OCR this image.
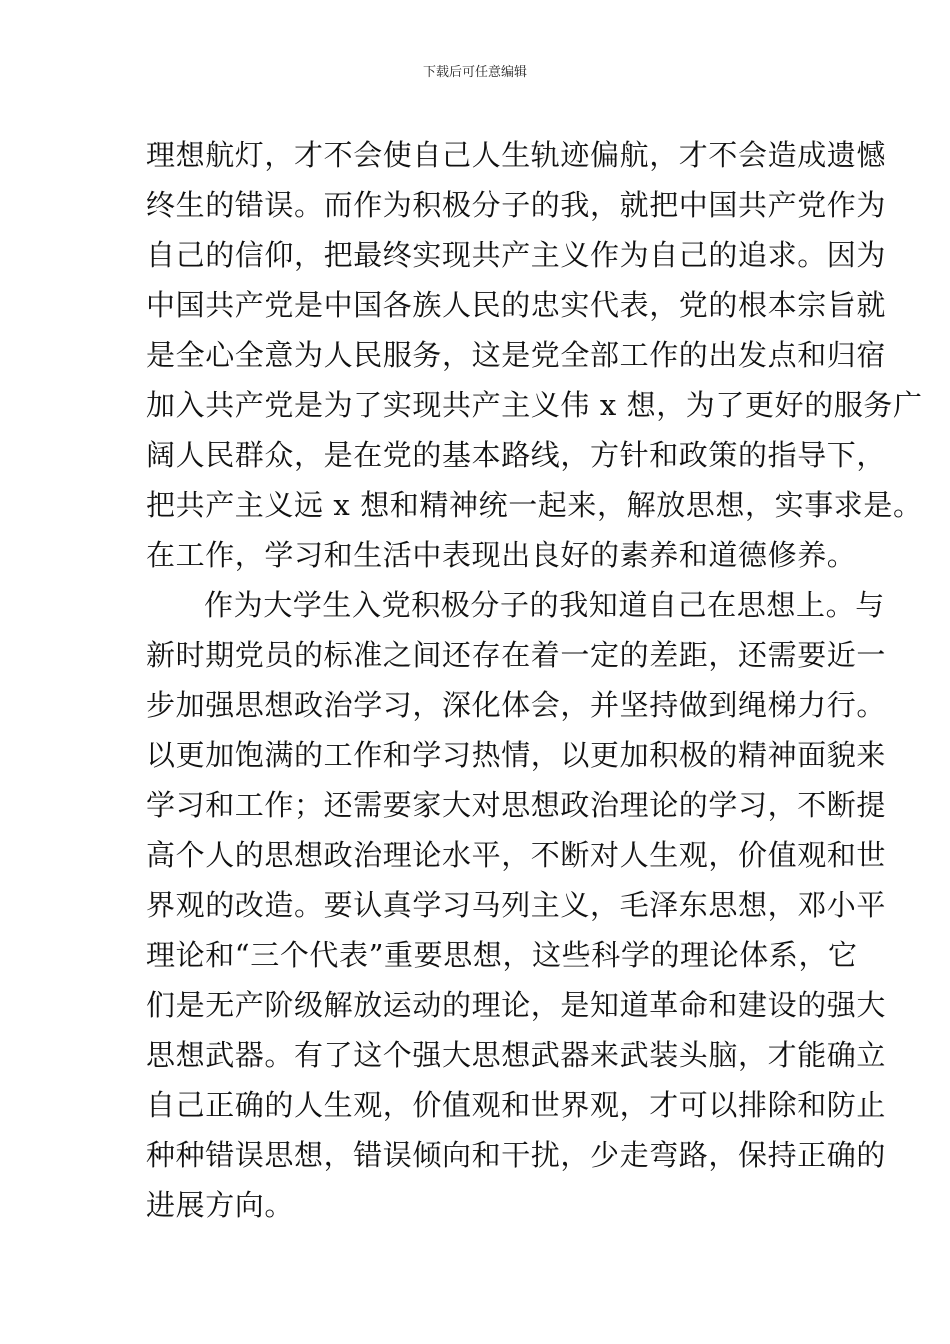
下载后可任意编辑
理想航灯，才不会使自己人生轨迹偏航，才不会造成遗憾
终生的错误。而作为积极分子的我，就把中国共产党作为
自己的信仰，把最终实现共产主义作为自己的追求。因为
中国共产党是中国各族人民的忠实代表，党的根本宗旨就
是全心全意为人民服务，这是党全部工作的出发点和归宿
加入共产党是为了实现共产主义伟 x 想，为了更好的服务广
阔人民群众，是在党的基本路线，方针和政策的指导下，
把共产主义远 x 想和精神统一起来，解放思想，实事求是。
在工作，学习和生活中表现出良好的素养和道德修养。
作为大学生入党积极分子的我知道自己在思想上。与
新时期党员的标准之间还存在着一定的差距，还需要近一
步加强思想政治学习，深化体会，并坚持做到绳梯力行。
以更加饱满的工作和学习热情，以更加积极的精神面貌来
学习和工作；还需要家大对思想政治理论的学习，不断提
高个人的思想政治理论水平，不断对人生观，价值观和世
界观的改造。要认真学习马列主义，毛泽东思想，邓小平
理论和“三个代表”重要思想，这些科学的理论体系，它
们是无产阶级解放运动的理论，是知道革命和建设的强大
思想武器。有了这个强大思想武器来武装头脑，才能确立
自己正确的人生观，价值观和世界观，才可以排除和防止
种种错误思想，错误倾向和干扰，少走弯路，保持正确的
进展方向。
